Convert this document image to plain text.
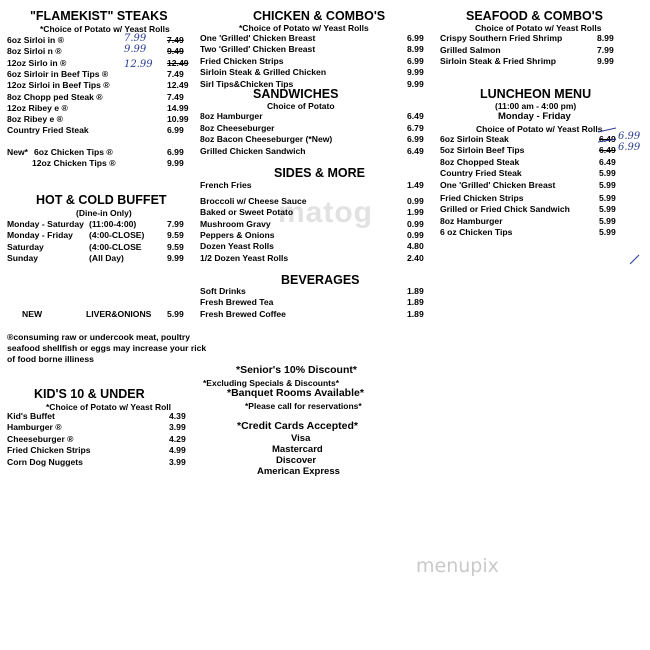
matog
menupix
"FLAMEKIST" STEAKS
*Choice of Potato w/ Yeast Rolls
6oz Sirloi in ®	7.49
7.99
8oz Sirloi n ®	9.49
9.99
12oz Sirlo in ®	12.49
12.99
6oz Sirloir in Beef Tips ®	7.49
12oz Sirloi in Beef Tips ®	12.49
8oz Chopp ped Steak ®	7.49
12oz Ribey e ®	14.99
8oz Ribey e ®	10.99
Country Fried Steak	6.99
New* 6oz Chicken Tips ®	6.99
12oz Chicken Tips ®	9.99
HOT & COLD BUFFET
(Dine-in Only)
Monday - Saturday (11:00-4:00)	7.99
Monday - Friday (4:00-CLOSE)	9.59
Saturday	(4:00-CLOSE	9.59
Sunday	(All Day)	9.99
NEW	LIVER&ONIONS 5.99
®consuming raw or undercook meat, poultry
seafood shellfish or eggs may increase your rick
of food borne illiness
KID'S 10 & UNDER
*Choice of Potato w/ Yeast Roll
Kid's Buffet	4.39
Hamburger ®	3.99
Cheeseburger ®	4.29
Fried Chicken Strips	4.99
Corn Dog Nuggets	3.99
CHICKEN & COMBO'S
*Choice of Potato w/ Yeast Rolls
One 'Grilled' Chicken Breast	6.99
Two 'Grilled' Chicken Breast	8.99
Fried Chicken Strips	6.99
Sirloin Steak & Grilled Chicken	9.99
Sirl Tips&Chicken Tips	9.99
SANDWICHES
Choice of Potato
8oz Hamburger	6.49
8oz Cheeseburger	6.79
8oz Bacon Cheeseburger (*New)	6.99
Grilled Chicken Sandwich	6.49
SIDES & MORE
French Fries	1.49
Broccoli w/ Cheese Sauce	0.99
Baked or Sweet Potato	1.99
Mushroom Gravy	0.99
Peppers & Onions	0.99
Dozen Yeast Rolls	4.80
1/2 Dozen Yeast Rolls	2.40
BEVERAGES
Soft Drinks	1.89
Fresh Brewed Tea	1.89
Fresh Brewed Coffee	1.89
*Senior's 10% Discount*
*Excluding Specials & Discounts*
*Banquet Rooms Available*
*Please call for reservations*
*Credit Cards Accepted*
Visa
Mastercard
Discover
American Express
SEAFOOD & COMBO'S
Choice of Potato w/ Yeast Rolls
Crispy Southern Fried Shrimp	8.99
Grilled Salmon	7.99
Sirloin Steak & Fried Shrimp	9.99
LUNCHEON MENU
(11:00 am - 4:00 pm)
Monday - Friday
Choice of Potato w/ Yeast Rolls
6oz Sirloin Steak	6.49 6.99
5oz Sirloin Beef Tips	6.49 6.99
8oz Chopped Steak	6.49
Country Fried Steak	5.99
One 'Grilled' Chicken Breast	5.99
Fried Chicken Strips	5.99
Grilled or Fried Chick Sandwich	5.99
8oz Hamburger	5.99
6 oz Chicken Tips	5.99
